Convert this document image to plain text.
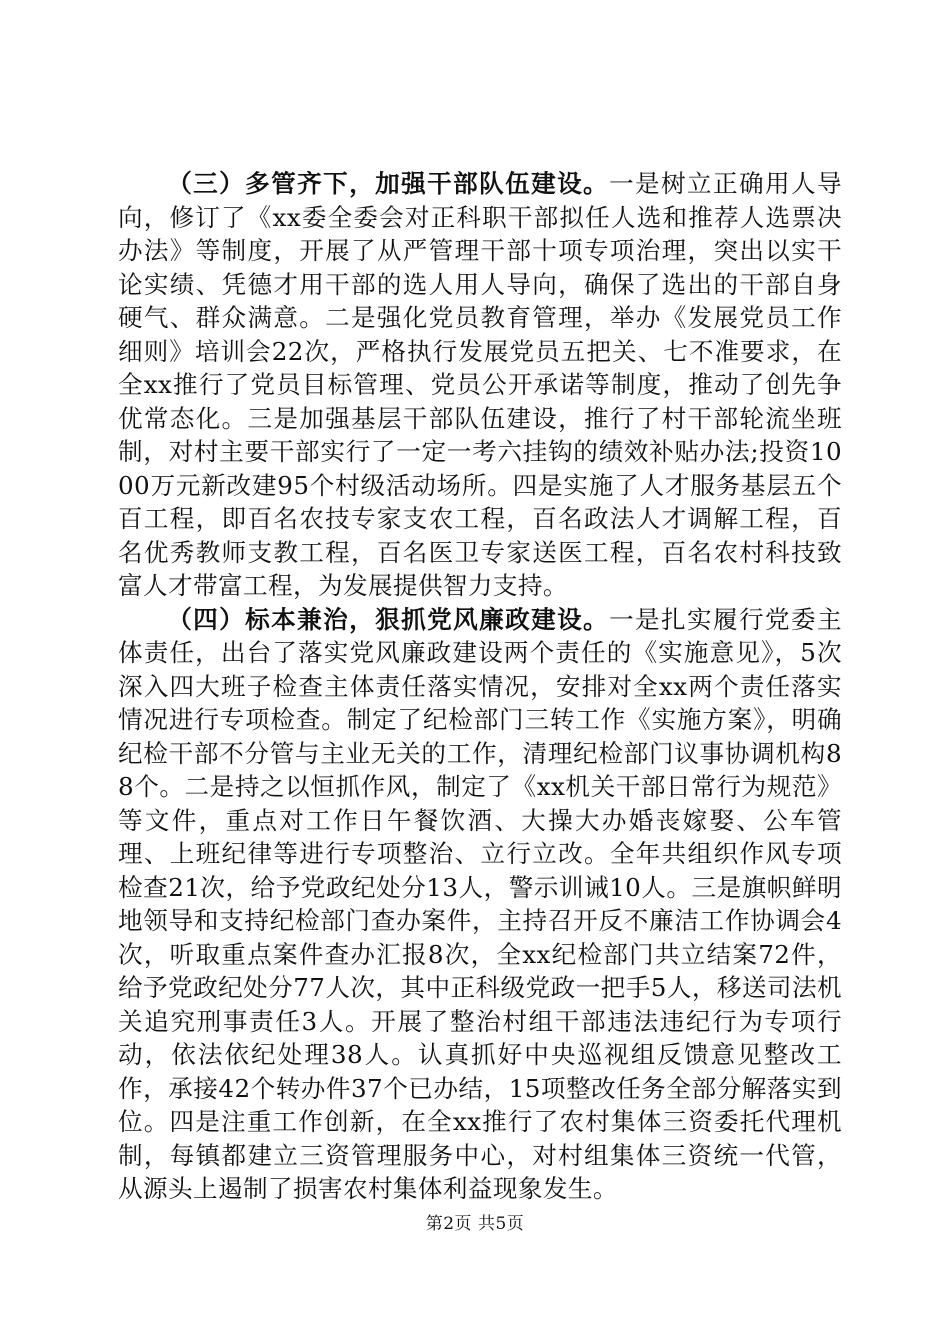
（三）多管齐下，加强干部队伍建设。一是树立正确用人导向，修订了《xx委全委会对正科职干部拟任人选和推荐人选票决办法》等制度，开展了从严管理干部十项专项治理，突出以实干论实绩、凭德才用干部的选人用人导向，确保了选出的干部自身硬气、群众满意。二是强化党员教育管理，举办《发展党员工作细则》培训会22次，严格执行发展党员五把关、七不准要求，在全xx推行了党员目标管理、党员公开承诺等制度，推动了创先争优常态化。三是加强基层干部队伍建设，推行了村干部轮流坐班制，对村主要干部实行了一定一考六挂钩的绩效补贴办法;投资1000万元新改建95个村级活动场所。四是实施了人才服务基层五个百工程，即百名农技专家支农工程，百名政法人才调解工程，百名优秀教师支教工程，百名医卫专家送医工程，百名农村科技致富人才带富工程，为发展提供智力支持。

（四）标本兼治，狠抓党风廉政建设。一是扎实履行党委主体责任，出台了落实党风廉政建设两个责任的《实施意见》，5次深入四大班子检查主体责任落实情况，安排对全xx两个责任落实情况进行专项检查。制定了纪检部门三转工作《实施方案》，明确纪检干部不分管与主业无关的工作，清理纪检部门议事协调机构88个。二是持之以恒抓作风，制定了《xx机关干部日常行为规范》等文件，重点对工作日午餐饮酒、大操大办婚丧嫁娶、公车管理、上班纪律等进行专项整治、立行立改。全年共组织作风专项检查21次，给予党政纪处分13人，警示训诫10人。三是旗帜鲜明地领导和支持纪检部门查办案件，主持召开反不廉洁工作协调会4次，听取重点案件查办汇报8次，全xx纪检部门共立结案72件，给予党政纪处分77人次，其中正科级党政一把手5人，移送司法机关追究刑事责任3人。开展了整治村组干部违法违纪行为专项行动，依法依纪处理38人。认真抓好中央巡视组反馈意见整改工作，承接42个转办件37个已办结，15项整改任务全部分解落实到位。四是注重工作创新，在全xx推行了农村集体三资委托代理机制，每镇都建立三资管理服务中心，对村组集体三资统一代管，从源头上遏制了损害农村集体利益现象发生。

第2页 共5页
